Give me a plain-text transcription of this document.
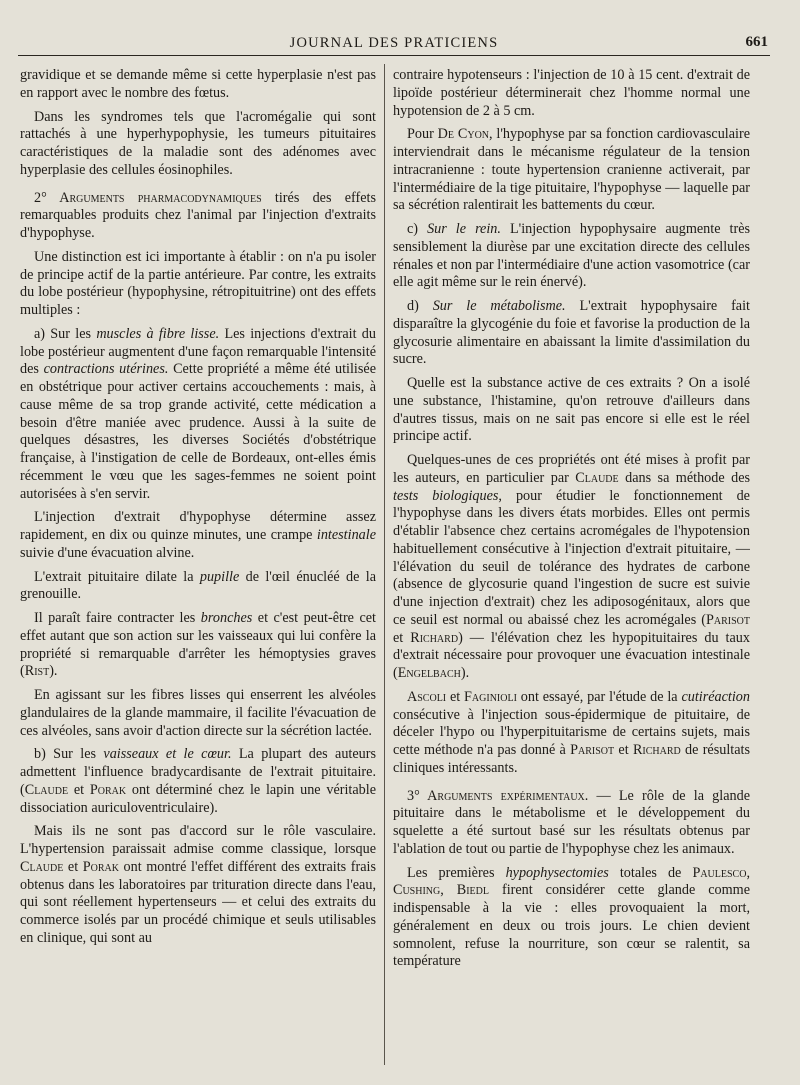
JOURNAL DES PRATICIENS	661

gravidique et se demande même si cette hyperplasie n'est pas en rapport avec le nombre des fœtus.

Dans les syndromes tels que l'acromégalie qui sont rattachés à une hyperhypophysie, les tumeurs pituitaires caractéristiques de la maladie sont des adénomes avec hyperplasie des cellules éosinophiles.

2° Arguments pharmacodynamiques tirés des effets remarquables produits chez l'animal par l'injection d'extraits d'hypophyse.

Une distinction est ici importante à établir : on n'a pu isoler de principe actif de la partie antérieure. Par contre, les extraits du lobe postérieur (hypophysine, rétropituitrine) ont des effets multiples :

a) Sur les muscles à fibre lisse. Les injections d'extrait du lobe postérieur augmentent d'une façon remarquable l'intensité des contractions utérines. Cette propriété a même été utilisée en obstétrique pour activer certains accouchements : mais, à cause même de sa trop grande activité, cette médication a besoin d'être maniée avec prudence. Aussi à la suite de quelques désastres, les diverses Sociétés d'obstétrique française, à l'instigation de celle de Bordeaux, ont-elles émis récemment le vœu que les sages-femmes ne soient point autorisées à s'en servir.

L'injection d'extrait d'hypophyse détermine assez rapidement, en dix ou quinze minutes, une crampe intestinale suivie d'une évacuation alvine.

L'extrait pituitaire dilate la pupille de l'œil énucléé de la grenouille.

Il paraît faire contracter les bronches et c'est peut-être cet effet autant que son action sur les vaisseaux qui lui confère la propriété si remarquable d'arrêter les hémoptysies graves (Rist).

En agissant sur les fibres lisses qui enserrent les alvéoles glandulaires de la glande mammaire, il facilite l'évacuation de ces alvéoles, sans avoir d'action directe sur la sécrétion lactée.

b) Sur les vaisseaux et le cœur. La plupart des auteurs admettent l'influence bradycardisante de l'extrait pituitaire. (Claude et Porak ont déterminé chez le lapin une véritable dissociation auriculoventriculaire).

Mais ils ne sont pas d'accord sur le rôle vasculaire. L'hypertension paraissait admise comme classique, lorsque Claude et Porak ont montré l'effet différent des extraits frais obtenus dans les laboratoires par trituration directe dans l'eau, qui sont réellement hypertenseurs — et celui des extraits du commerce isolés par un procédé chimique et seuls utilisables en clinique, qui sont au

contraire hypotenseurs : l'injection de 10 à 15 cent. d'extrait de lipoïde postérieur déterminerait chez l'homme normal une hypotension de 2 à 5 cm.

Pour De Cyon, l'hypophyse par sa fonction cardiovasculaire interviendrait dans le mécanisme régulateur de la tension intracranienne : toute hypertension cranienne activerait, par l'intermédiaire de la tige pituitaire, l'hypophyse — laquelle par sa sécrétion ralentirait les battements du cœur.

c) Sur le rein. L'injection hypophysaire augmente très sensiblement la diurèse par une excitation directe des cellules rénales et non par l'intermédiaire d'une action vasomotrice (car elle agit même sur le rein énervé).

d) Sur le métabolisme. L'extrait hypophysaire fait disparaître la glycogénie du foie et favorise la production de la glycosurie alimentaire en abaissant la limite d'assimilation du sucre.

Quelle est la substance active de ces extraits ? On a isolé une substance, l'histamine, qu'on retrouve d'ailleurs dans d'autres tissus, mais on ne sait pas encore si elle est le réel principe actif.

Quelques-unes de ces propriétés ont été mises à profit par les auteurs, en particulier par Claude dans sa méthode des tests biologiques, pour étudier le fonctionnement de l'hypophyse dans les divers états morbides. Elles ont permis d'établir l'absence chez certains acromégales de l'hypotension habituellement consécutive à l'injection d'extrait pituitaire, — l'élévation du seuil de tolérance des hydrates de carbone (absence de glycosurie quand l'ingestion de sucre est suivie d'une injection d'extrait) chez les adiposogénitaux, alors que ce seuil est normal ou abaissé chez les acromégales (Parisot et Richard) — l'élévation chez les hypopituitaires du taux d'extrait nécessaire pour provoquer une évacuation intestinale (Engelbach).

Ascoli et Faginioli ont essayé, par l'étude de la cutiréaction consécutive à l'injection sous-épidermique de pituitaire, de déceler l'hypo ou l'hyperpituitarisme de certains sujets, mais cette méthode n'a pas donné à Parisot et Richard de résultats cliniques intéressants.

3° Arguments expérimentaux. — Le rôle de la glande pituitaire dans le métabolisme et le développement du squelette a été surtout basé sur les résultats obtenus par l'ablation de tout ou partie de l'hypophyse chez les animaux.

Les premières hypophysectomies totales de Paulesco, Cushing, Biedl firent considérer cette glande comme indispensable à la vie : elles provoquaient la mort, généralement en deux ou trois jours. Le chien devient somnolent, refuse la nourriture, son cœur se ralentit, sa température
